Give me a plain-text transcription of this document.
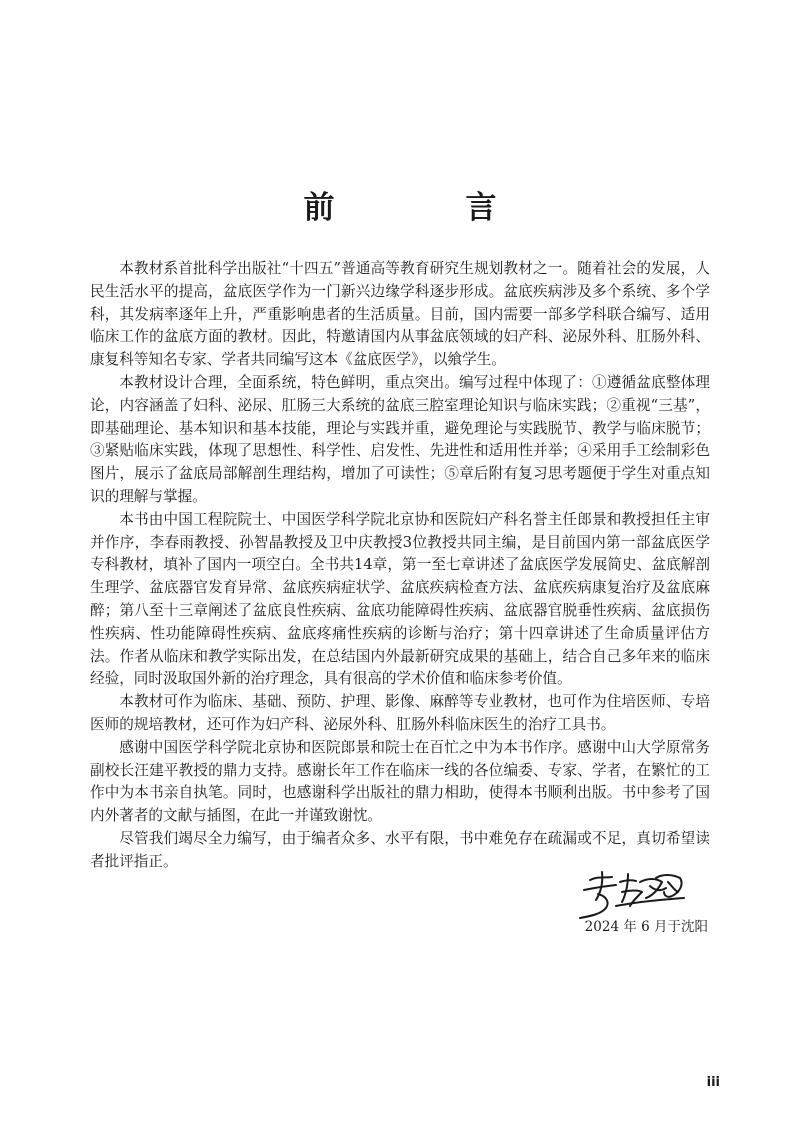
前　言

本教材系首批科学出版社“十四五”普通高等教育研究生规划教材之一。随着社会的发展，人民生活水平的提高，盆底医学作为一门新兴边缘学科逐步形成。盆底疾病涉及多个系统、多个学科，其发病率逐年上升，严重影响患者的生活质量。目前，国内需要一部多学科联合编写、适用临床工作的盆底方面的教材。因此，特邀请国内从事盆底领域的妇产科、泌尿外科、肛肠外科、康复科等知名专家、学者共同编写这本《盆底医学》，以飨学生。

本教材设计合理，全面系统，特色鲜明，重点突出。编写过程中体现了：①遵循盆底整体理论，内容涵盖了妇科、泌尿、肛肠三大系统的盆底三腔室理论知识与临床实践；②重视“三基”，即基础理论、基本知识和基本技能，理论与实践并重，避免理论与实践脱节、教学与临床脱节；③紧贴临床实践，体现了思想性、科学性、启发性、先进性和适用性并举；④采用手工绘制彩色图片，展示了盆底局部解剖生理结构，增加了可读性；⑤章后附有复习思考题便于学生对重点知识的理解与掌握。

本书由中国工程院院士、中国医学科学院北京协和医院妇产科名誉主任郎景和教授担任主审并作序，李春雨教授、孙智晶教授及卫中庆教授3位教授共同主编，是目前国内第一部盆底医学专科教材，填补了国内一项空白。全书共14章，第一至七章讲述了盆底医学发展简史、盆底解剖生理学、盆底器官发育异常、盆底疾病症状学、盆底疾病检查方法、盆底疾病康复治疗及盆底麻醉；第八至十三章阐述了盆底良性疾病、盆底功能障碍性疾病、盆底器官脱垂性疾病、盆底损伤性疾病、性功能障碍性疾病、盆底疼痛性疾病的诊断与治疗；第十四章讲述了生命质量评估方法。作者从临床和教学实际出发，在总结国内外最新研究成果的基础上，结合自己多年来的临床经验，同时汲取国外新的治疗理念，具有很高的学术价值和临床参考价值。

本教材可作为临床、基础、预防、护理、影像、麻醉等专业教材，也可作为住培医师、专培医师的规培教材，还可作为妇产科、泌尿外科、肛肠外科临床医生的治疗工具书。

感谢中国医学科学院北京协和医院郎景和院士在百忙之中为本书作序。感谢中山大学原常务副校长汪建平教授的鼎力支持。感谢长年工作在临床一线的各位编委、专家、学者，在繁忙的工作中为本书亲自执笔。同时，也感谢科学出版社的鼎力相助，使得本书顺利出版。书中参考了国内外著者的文献与插图，在此一并谨致谢忱。

尽管我们竭尽全力编写，由于编者众多、水平有限，书中难免存在疏漏或不足，真切希望读者批评指正。

2024 年 6 月于沈阳
iii
